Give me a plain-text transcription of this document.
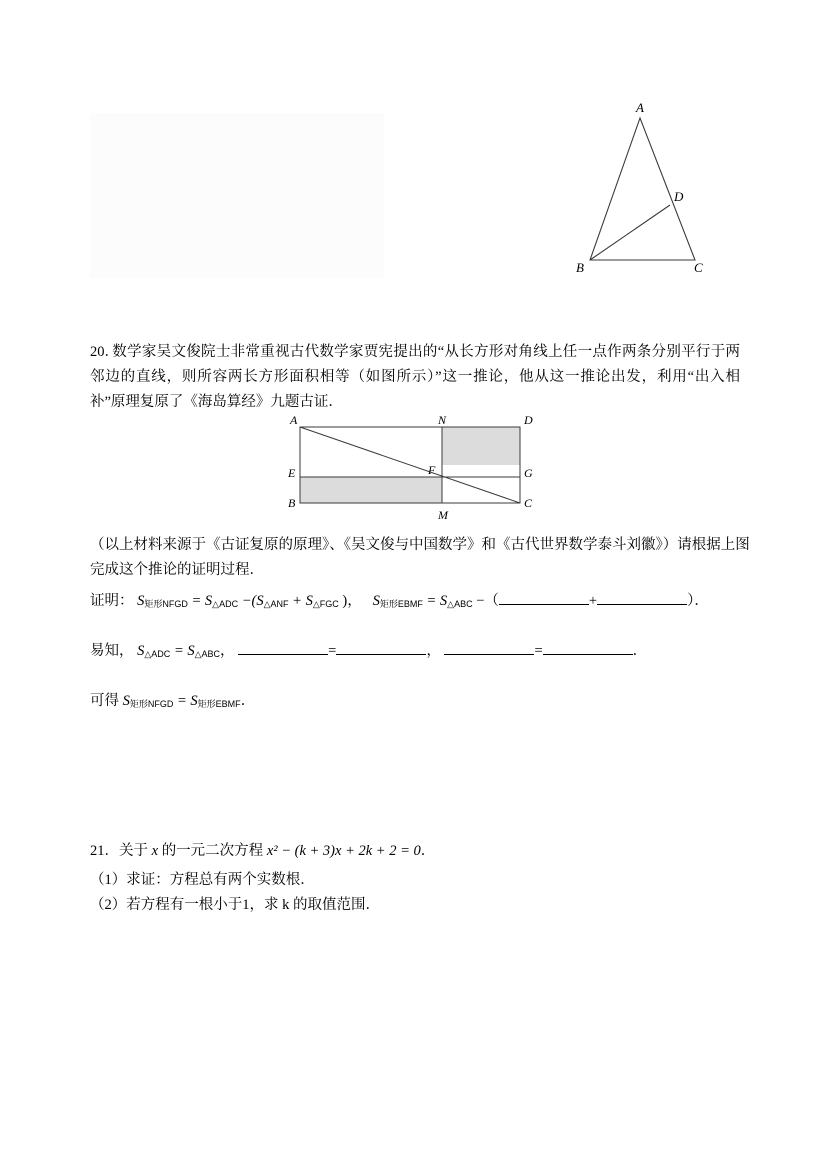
A
D
B	C
20．数学家吴文俊院士非常重视古代数学家贾宪提出的“从长方形对角线上任一点作两条分别平行于两邻边的直线，则所容两长方形面积相等（如图所示）”这一推论，他从这一推论出发，利用“出入相补”原理复原了《海岛算经》九题古证．
A	N	D
E	F	G
B
M
C
（以上材料来源于《古证复原的原理》、《吴文俊与中国数学》和《古代世界数学泰斗刘徽》）请根据上图完成这个推论的证明过程．
证明： S矩形NFGD = S△ADC −(S△ANF + S△FGC )， S矩形EBMF = S△ABC −（	+	）．
易知， S△ADC = S△ABC，	=	，	=	．
可得 S矩形NFGD = S矩形EBMF．
21．关于 x 的一元二次方程 x² − (k + 3)x + 2k + 2 = 0．
（1）求证：方程总有两个实数根．
（2）若方程有一根小于1，求 k 的取值范围．
